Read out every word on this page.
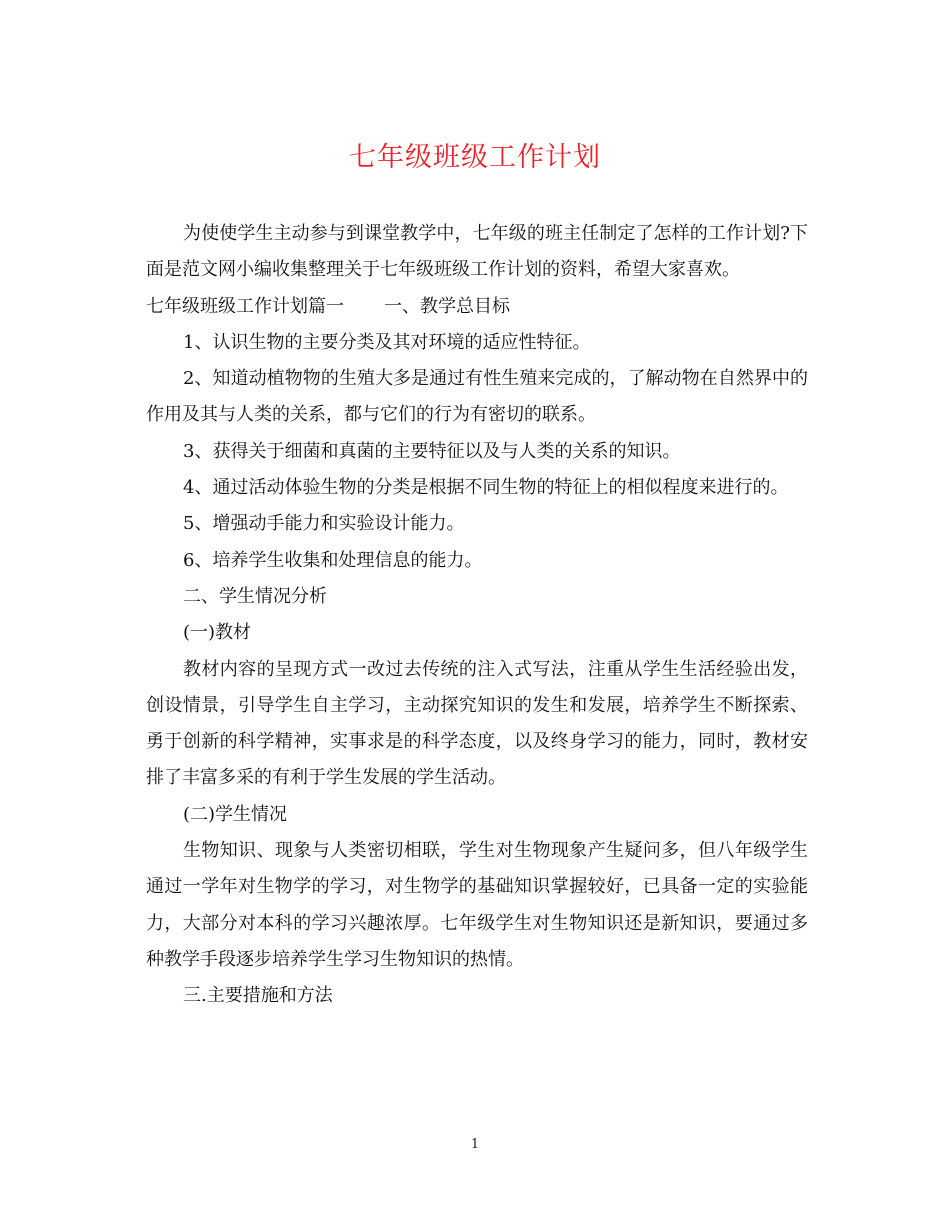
七年级班级工作计划

为使使学生主动参与到课堂教学中，七年级的班主任制定了怎样的工作计划?下面是范文网小编收集整理关于七年级班级工作计划的资料，希望大家喜欢。

七年级班级工作计划篇一 一、教学总目标

1、认识生物的主要分类及其对环境的适应性特征。

2、知道动植物物的生殖大多是通过有性生殖来完成的，了解动物在自然界中的作用及其与人类的关系，都与它们的行为有密切的联系。

3、获得关于细菌和真菌的主要特征以及与人类的关系的知识。

4、通过活动体验生物的分类是根据不同生物的特征上的相似程度来进行的。

5、增强动手能力和实验设计能力。

6、培养学生收集和处理信息的能力。

二、学生情况分析

(一)教材

教材内容的呈现方式一改过去传统的注入式写法，注重从学生生活经验出发，创设情景，引导学生自主学习，主动探究知识的发生和发展，培养学生不断探索、勇于创新的科学精神，实事求是的科学态度，以及终身学习的能力，同时，教材安排了丰富多采的有利于学生发展的学生活动。

(二)学生情况

生物知识、现象与人类密切相联，学生对生物现象产生疑问多，但八年级学生通过一学年对生物学的学习，对生物学的基础知识掌握较好，已具备一定的实验能力，大部分对本科的学习兴趣浓厚。七年级学生对生物知识还是新知识，要通过多种教学手段逐步培养学生学习生物知识的热情。

三.主要措施和方法

1
